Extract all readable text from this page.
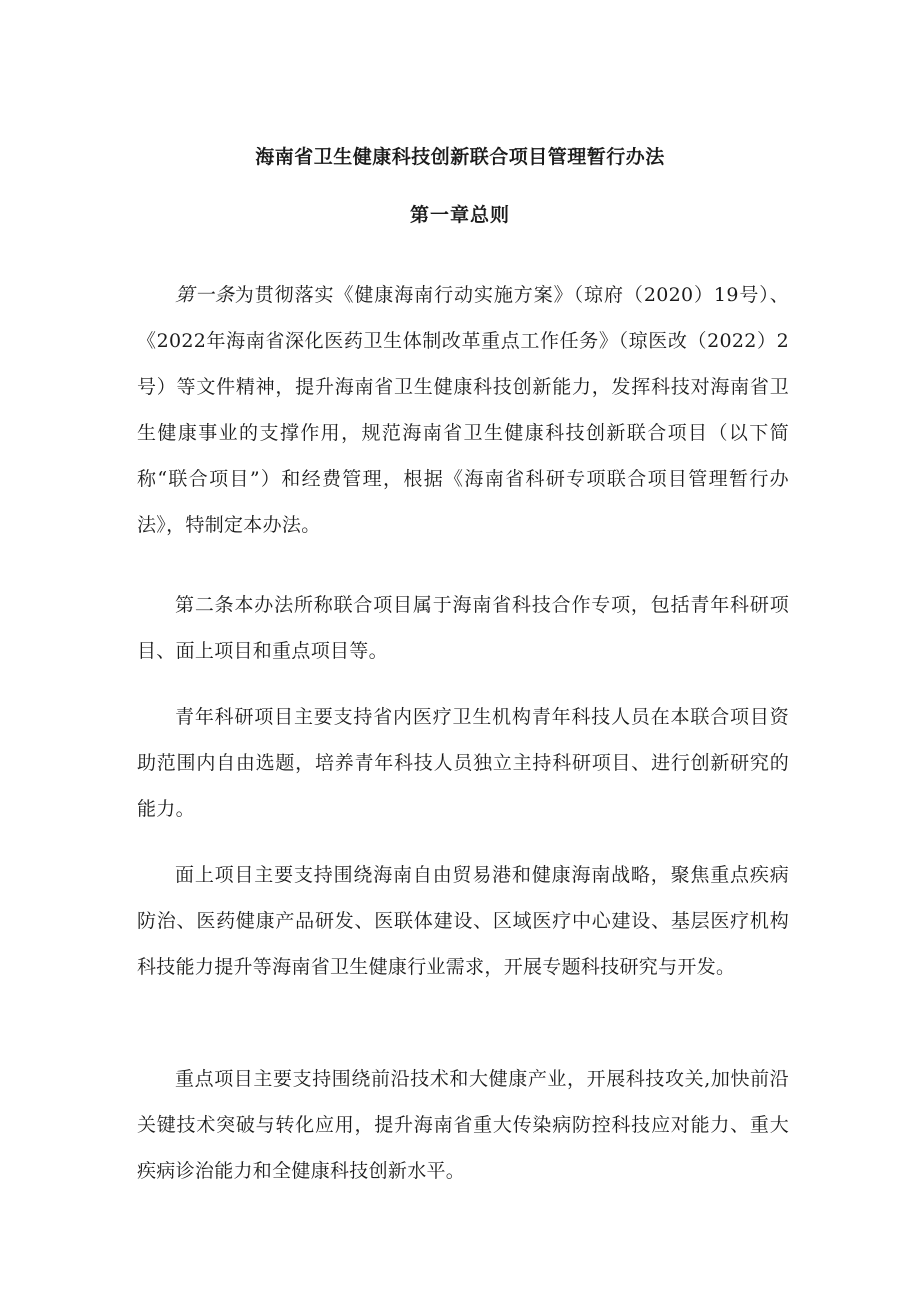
海南省卫生健康科技创新联合项目管理暂行办法
第一章总则

第一条为贯彻落实《健康海南行动实施方案》（琼府（2020）19号）、《2022年海南省深化医药卫生体制改革重点工作任务》（琼医改（2022）2号）等文件精神，提升海南省卫生健康科技创新能力，发挥科技对海南省卫生健康事业的支撑作用，规范海南省卫生健康科技创新联合项目（以下简称“联合项目”）和经费管理，根据《海南省科研专项联合项目管理暂行办法》，特制定本办法。

第二条本办法所称联合项目属于海南省科技合作专项，包括青年科研项目、面上项目和重点项目等。

青年科研项目主要支持省内医疗卫生机构青年科技人员在本联合项目资助范围内自由选题，培养青年科技人员独立主持科研项目、进行创新研究的能力。

面上项目主要支持围绕海南自由贸易港和健康海南战略，聚焦重点疾病防治、医药健康产品研发、医联体建设、区域医疗中心建设、基层医疗机构科技能力提升等海南省卫生健康行业需求，开展专题科技研究与开发。

重点项目主要支持围绕前沿技术和大健康产业，开展科技攻关,加快前沿关键技术突破与转化应用，提升海南省重大传染病防控科技应对能力、重大疾病诊治能力和全健康科技创新水平。
